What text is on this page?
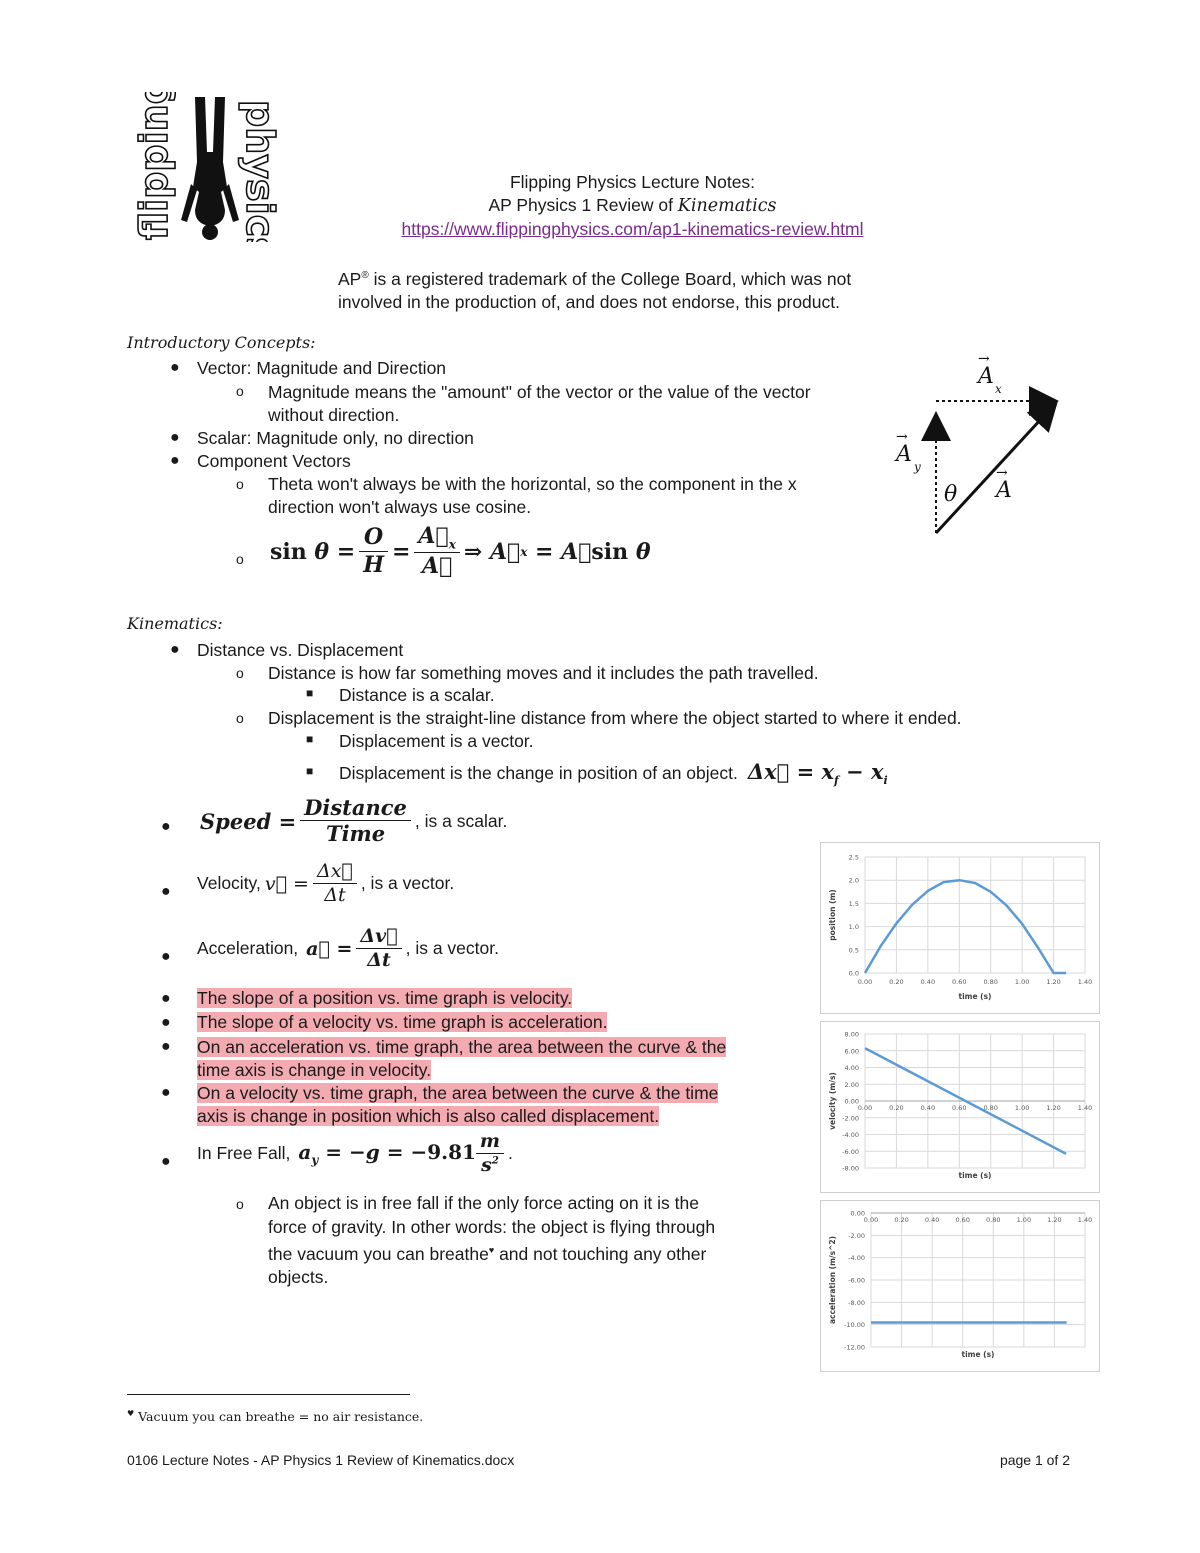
flipping physics	Flipping Physics Lecture Notes:
AP Physics 1 Review of Kinematics
https://www.flippingphysics.com/ap1-kinematics-review.html
AP® is a registered trademark of the College Board, which was not
involved in the production of, and does not endorse, this product.
Introductory Concepts:
● Vector: Magnitude and Direction
o Magnitude means the "amount" of the vector or the value of the vector
without direction.
● Scalar: Magnitude only, no direction
● Component Vectors
o Theta won't always be with the horizontal, so the component in the x
direction won't always use cosine.
o $\sin \theta = \frac{O}{H} = \frac{A⃗_x}{A⃗}$ ⇒ A⃗ x = A⃗ sin θ
A
→
x
A
→
y
A
→
θ
Kinematics:
● Distance vs. Displacement
o Distance is how far something moves and it includes the path travelled.
■ Distance is a scalar.
o Displacement is the straight-line distance from where the object started to where it ended.
■ Displacement is a vector.
■ Displacement is the change in position of an object. Δx⃗ = $x_f - x_i$
● Speed = $\frac{\text{Distance}}{\text{Time}}$ , is a scalar.
● Velocity, v⃗ = $\frac{\Delta x⃗}{\Delta t}$ , is a vector.
● Acceleration, a⃗ = $\frac{\Delta v⃗}{\Delta t}$ , is a vector.
● The slope of a position vs. time graph is velocity.
● The slope of a velocity vs. time graph is acceleration.
● On an acceleration vs. time graph, the area between the curve & the
time axis is change in velocity.
● On a velocity vs. time graph, the area between the curve & the time
axis is change in position which is also called displacement.
● In Free Fall, $a_y = -g = -9.81 \frac{m}{s^2}$ .
o An object is in free fall if the only force acting on it is the
force of gravity. In other words: the object is flying through
the vacuum you can breathe♥ and not touching any other
objects.
0.00	0.20	0.40	0.60	0.80	1.00	1.20	1.40
0.0
0.5
1.0
1.5
2.0
2.5
time (s)
position (m)
0.00	0.20	0.40	0.60	0.80	1.00	1.20	1.40
8.00
6.00
4.00
2.00
0.00
-2.00
-4.00
-6.00
-8.00
time (s)
velocity (m/s)
0.00 0.20 0.40 0.60 0.80 1.00 1.20 1.40
0.00
-2.00
-4.00
-6.00
-8.00
-10.00
-12.00
time (s)
acceleration (m/s^2)
♥ Vacuum you can breathe = no air resistance.
0106 Lecture Notes - AP Physics 1 Review of Kinematics.docx	page 1 of 2
